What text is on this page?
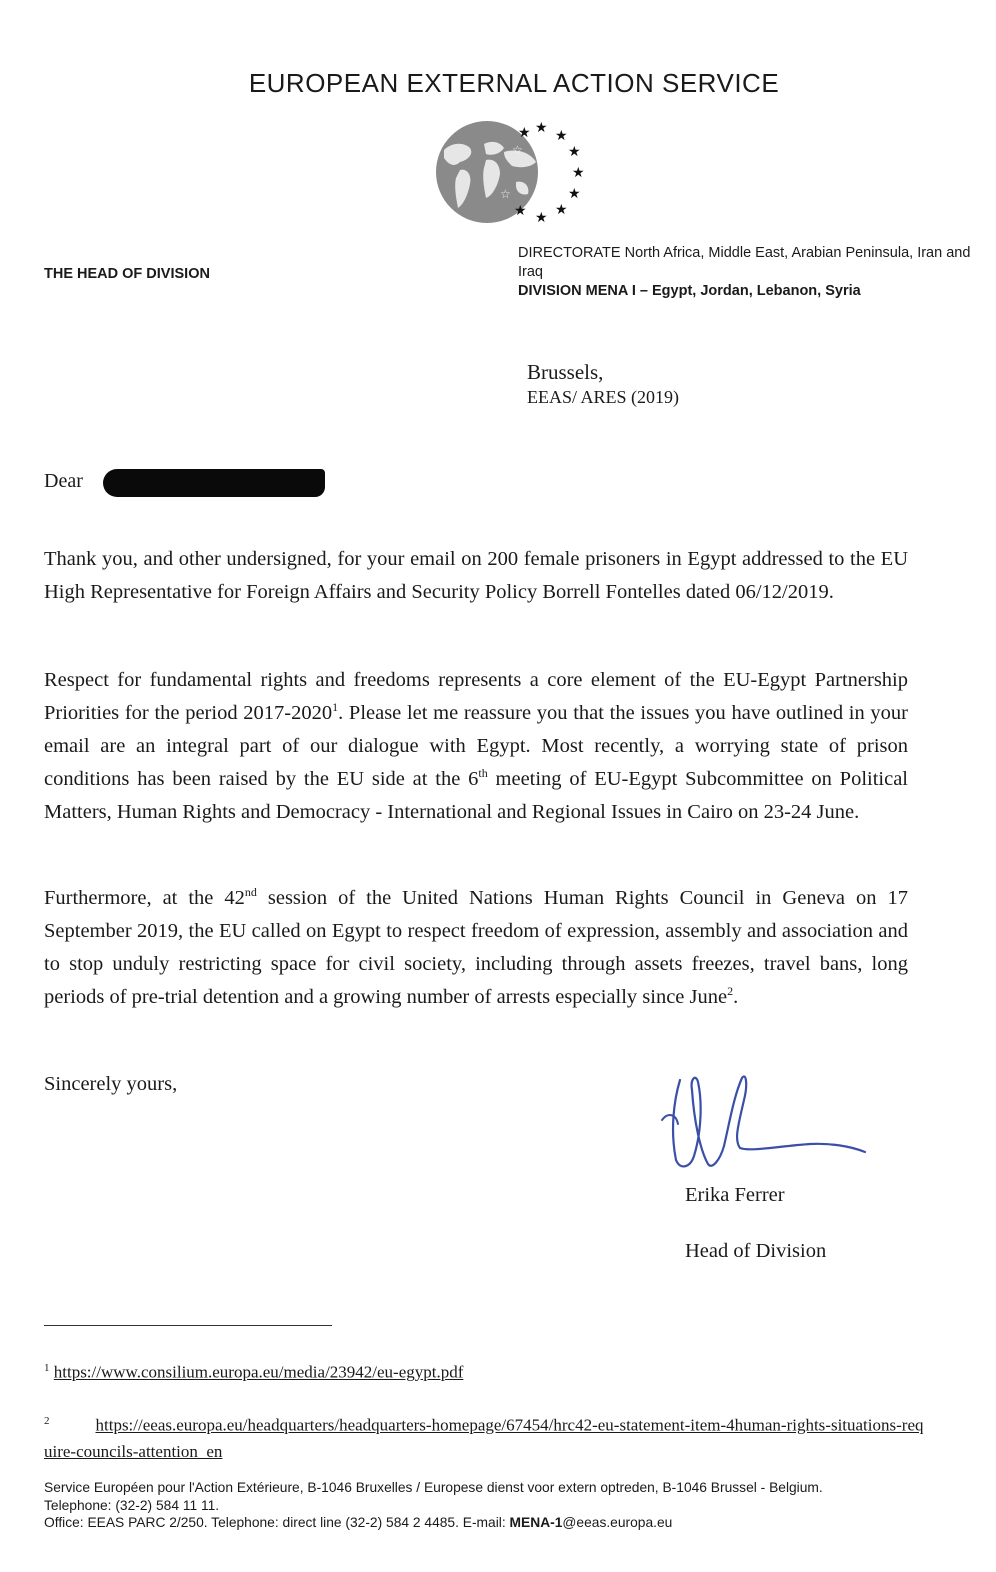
EUROPEAN EXTERNAL ACTION SERVICE
★ ★ ★
★
★
★
★
★
★
☆
☆
THE HEAD OF DIVISION
DIRECTORATE North Africa, Middle East, Arabian Peninsula, Iran and Iraq
DIVISION MENA I – Egypt, Jordan, Lebanon, Syria
Brussels,
EEAS/ ARES (2019)
Dear

Thank you, and other undersigned, for your email on 200 female prisoners in Egypt addressed to the EU High Representative for Foreign Affairs and Security Policy Borrell Fontelles dated 06/12/2019.

Respect for fundamental rights and freedoms represents a core element of the EU-Egypt Partnership Priorities for the period 2017-2020$^1$. Please let me reassure you that the issues you have outlined in your email are an integral part of our dialogue with Egypt. Most recently, a worrying state of prison conditions has been raised by the EU side at the 6th meeting of EU-Egypt Subcommittee on Political Matters, Human Rights and Democracy - International and Regional Issues in Cairo on 23-24 June.

Furthermore, at the 42nd session of the United Nations Human Rights Council in Geneva on 17 September 2019, the EU called on Egypt to respect freedom of expression, assembly and association and to stop unduly restricting space for civil society, including through assets freezes, travel bans, long periods of pre-trial detention and a growing number of arrests especially since June$^2$.

Sincerely yours,
Erika Ferrer
Head of Division
$^1$ https://www.consilium.europa.eu/media/23942/eu-egypt.pdf
$^2$	https://eeas.europa.eu/headquarters/headquarters-homepage/67454/hrc42-eu-statement-item-4human-rights-situations-require-councils-attention_en
Service Européen pour l'Action Extérieure, B-1046 Bruxelles / Europese dienst voor extern optreden, B-1046 Brussel - Belgium.
Telephone: (32-2) 584 11 11.
Office: EEAS PARC 2/250. Telephone: direct line (32-2) 584 2 4485. E-mail: MENA-1@eeas.europa.eu
